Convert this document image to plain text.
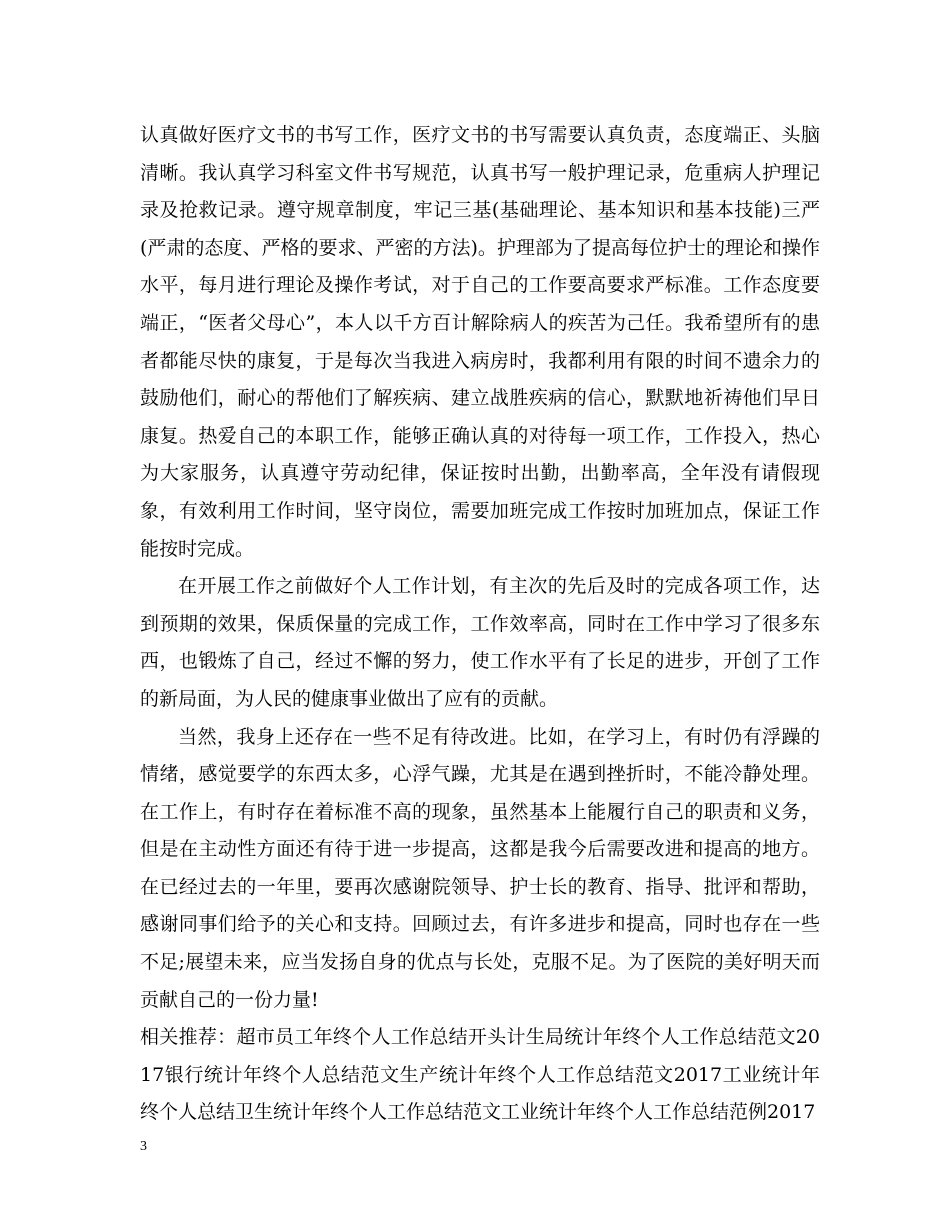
认真做好医疗文书的书写工作，医疗文书的书写需要认真负责，态度端正、头脑清晰。我认真学习科室文件书写规范，认真书写一般护理记录，危重病人护理记录及抢救记录。遵守规章制度，牢记三基(基础理论、基本知识和基本技能)三严(严肃的态度、严格的要求、严密的方法)。护理部为了提高每位护士的理论和操作水平，每月进行理论及操作考试，对于自己的工作要高要求严标准。工作态度要端正，“医者父母心”，本人以千方百计解除病人的疾苦为己任。我希望所有的患者都能尽快的康复，于是每次当我进入病房时，我都利用有限的时间不遗余力的鼓励他们，耐心的帮他们了解疾病、建立战胜疾病的信心，默默地祈祷他们早日康复。热爱自己的本职工作，能够正确认真的对待每一项工作，工作投入，热心为大家服务，认真遵守劳动纪律，保证按时出勤，出勤率高，全年没有请假现象，有效利用工作时间，坚守岗位，需要加班完成工作按时加班加点，保证工作能按时完成。

在开展工作之前做好个人工作计划，有主次的先后及时的完成各项工作，达到预期的效果，保质保量的完成工作，工作效率高，同时在工作中学习了很多东西，也锻炼了自己，经过不懈的努力，使工作水平有了长足的进步，开创了工作的新局面，为人民的健康事业做出了应有的贡献。

当然，我身上还存在一些不足有待改进。比如，在学习上，有时仍有浮躁的情绪，感觉要学的东西太多，心浮气躁，尤其是在遇到挫折时，不能冷静处理。在工作上，有时存在着标准不高的现象，虽然基本上能履行自己的职责和义务，但是在主动性方面还有待于进一步提高，这都是我今后需要改进和提高的地方。在已经过去的一年里，要再次感谢院领导、护士长的教育、指导、批评和帮助，感谢同事们给予的关心和支持。回顾过去，有许多进步和提高，同时也存在一些不足;展望未来，应当发扬自身的优点与长处，克服不足。为了医院的美好明天而贡献自己的一份力量!

相关推荐：超市员工年终个人工作总结开头计生局统计年终个人工作总结范文2017银行统计年终个人总结范文生产统计年终个人工作总结范文2017工业统计年终个人总结卫生统计年终个人工作总结范文工业统计年终个人工作总结范例2017

3
